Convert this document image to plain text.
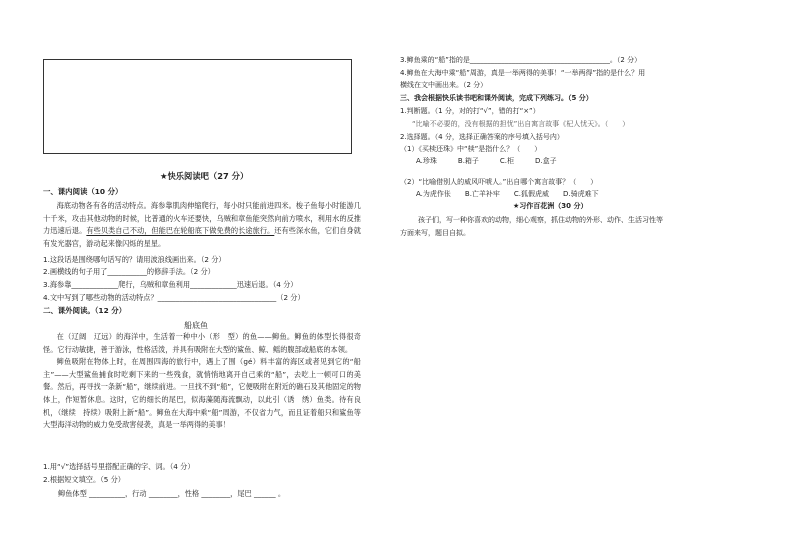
★快乐阅读吧（27 分）
一、课内阅读（10 分）

海底动物各有各的活动特点。海参靠肌肉伸缩爬行，每小时只能前进四米。梭子鱼每小时能游几十千米，攻击其他动物的时候，比普通的火车还要快，乌贼和章鱼能突然向前方喷水，利用水的反推力迅速后退。有些贝类自己不动，但能巴在轮船底下做免费的长途旅行。还有些深水鱼，它们自身就有发光器官，游动起来像闪烁的星星。

1.这段话是围绕哪句话写的？请用波浪线画出来。（2 分）
2.画横线的句子用了___________的修辞手法。（2 分）
3.海参靠_____________爬行，乌贼和章鱼利用_____________迅速后退。（4 分）
4.文中写到了哪些动物的活动特点？_________________________________（2 分）
二、课外阅读。（12 分）
船底鱼

在（辽阔　辽远）的海洋中，生活着一种中小（形　型）的鱼——䲟鱼。䲟鱼的体型长得很奇怪。它行动敏捷，善于游泳，性格活泼，并具有吸附在大型的鲨鱼、鲸、鳐的腹部或船底的本领。

䲟鱼吸附在物体上时，在周围四海的旅行中，遇上了围（ɡé）料丰富的海区或者见到它的“船主”——大型鲨鱼捕食时吃剩下来的一些残食，就悄悄地离开自己乘的“船”，去吃上一顿可口的美餐。然后，再寻找一条新“船”，继续前进。一旦找不到“船”，它便吸附在附近的礁石及其他固定的物体上，作短暂休息。这时，它的细长的尾巴，似海藻随海流飘动，以此引（诱　绣）鱼类。待有良机，（继续　持续）吸附上新“船”。䲟鱼在大海中乘“船”周游，不仅省力气，而且证着船只和鲨鱼等大型海洋动物的威力免受敌害侵袭，真是一举两得的美事！

1.用“√”选择括号里搭配正确的字、词。（4 分）
2.根据短文填空。（5 分）
䲟鱼体型 __________，行动 ________，性格 ________，尾巴 ______ 。
3.䲟鱼乘的“船”指的是________________________________________。（2 分）
4.䲟鱼在大海中乘“船”周游，真是一举两得的美事！“一举两得”指的是什么？用
横线在文中画出来。（2 分）
三、我会根据快乐读书吧和课外阅读，完成下列练习。（5 分）
1.判断题。（1 分，对的打“√”，错的打“×”）
“比喻不必要的，没有根据的担忧”出自寓言故事《杞人忧天》。（　　）
2.选择题。（4 分，选择正确答案的序号填入括号内）
（1）《买椟还珠》中“椟”是指什么？（　　）
A.珍珠　　　B.箱子　　　C.柜　　　D.盒子
（2）“比喻借别人的威风吓唬人。”出自哪个寓言故事？（　　）
A.为虎作伥　　B.亡羊补牢　　C.狐假虎威　　D.骑虎难下
★习作百花洲（30 分）
孩子们，写一种你喜欢的动物，细心观察，抓住动物的外形、动作、生活习性等
方面来写，题目自拟。
